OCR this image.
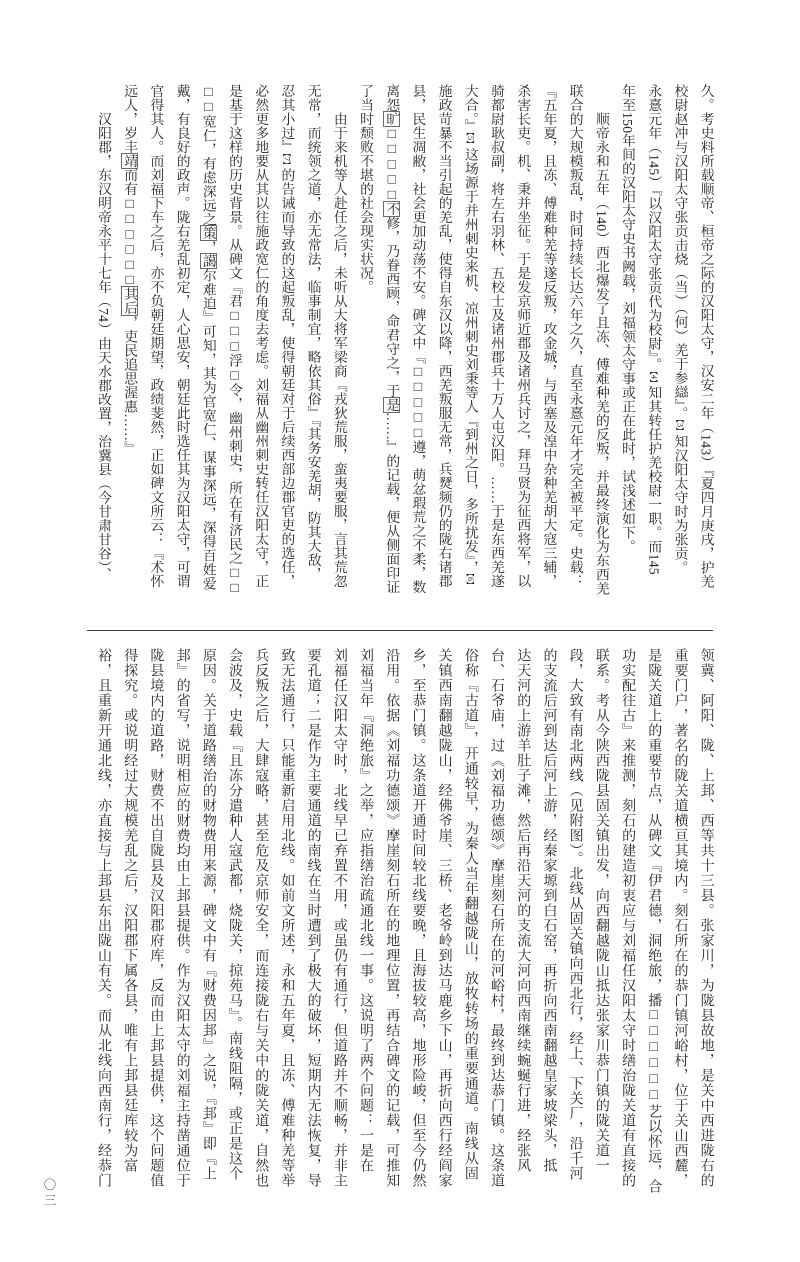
久。考史料所载顺帝、桓帝之际的汉阳太守，汉安二年（143）『夏四月庚戌，护羌
校尉赵冲与汉阳太守张贡击烧（当）（何）羌于参䜌』。【3】知汉阳太守时为张贡。
永憙元年（145）『以汉阳太守张贡代为校尉』。【4】知其转任护羌校尉一职。而145
年至150年间的汉阳太守史书阙载，刘福领太守事或正在此时，试浅述如下。
　　顺帝永和五年（140）西北爆发了且冻、傅难种羌的反叛，并最终演化为东西羌
联合的大规模叛乱，时间持续长达六年之久，直至永憙元年才完全被平定。史载：
『五年夏，且冻、傅难种羌等遂反叛，攻金城，与西塞及湟中杂种羌胡大寇三辅，
杀害长吏。机、秉并坐征。于是发京师近郡及诸州兵讨之，拜马贤为征西将军，以
骑都尉耿叔副，将左右羽林、五校士及诸州郡兵十万人屯汉阳。……于是东西羌遂
大合。』【5】这场源于并州刺史来机、凉州刺史刘秉等人『到州之日，多所扰发』，【6】
施政苛暴不当引起的羌乱，使得自东汉以降，西羌叛服无常，兵燹频仍的陇右诸郡
县，民生凋敝，社会更加动荡不安。碑文中『□□□□□遵，萌忿瑕荒之不柔，数
离怨旷□□□□□不修，乃眷西顾，命君守之，于是……』的记载，便从侧面印证
了当时颓败不堪的社会现实状况。
　　由于来机等人赴任之后，未听从大将军梁商『戎狄荒服，蛮夷要服，言其荒忽
无常，而统领之道，亦无常法，临事制宜，略依其俗』『其务安羌胡，防其大敌，
忍其小过』【7】的告诫而导致的这起叛乱，使得朝廷对于后续西部边郡官吏的选任，
必然更多地要从其以往施政宽仁的角度去考虑。刘福从幽州刺史转任汉阳太守，正
是基于这样的历史背景。从碑文『君□□□浮□令，幽州刺史，所在有济民之□□
□□宽仁，有虑深远之策，譪尔难迫』可知，其为官宽仁、谋事深远，深得百姓爱
戴，有良好的政声。陇右羌乱初定，人心思安，朝廷此时选任其为汉阳太守，可谓
官得其人。而刘福下车之后，亦不负朝廷期望，政绩斐然，正如碑文所云：『术怀
远人，岁丰靖而有□□□□□□其后，吏民追思渥惠……』
　　汉阳郡，东汉明帝永平十七年（74）由天水郡改置，治冀县（今甘肃甘谷）、
领冀、阿阳、陇、上邽、西等共十三县。张家川，为陇县故地，是关中西进陇右的
重要门户，著名的陇关道横亘其境内。刻石所在的恭门镇河峪村，位于关山西麓，
是陇关道上的重要节点，从碑文『伊君德，洞绝旅，播□□□□□□艺以怀远，合
功实配往古』来推测，刻石的建造初衷应与刘福任汉阳太守时缮治陇关道有直接的
联系。考从今陕西陇县固关镇出发，向西翻越陇山抵达张家川恭门镇的陇关道一
段，大致有南北两线（见附图）。北线从固关镇向西北行，经上、下关厂，沿千河
的支流后河到达后河上游，经秦家塬到白石窑，再折向西南翻越皇家坡梁头，抵
达天河的上游羊肚子滩，然后再沿天河的支流大河向西南继续蜿蜒行进，经张风
台、石爷庙，过《刘福功德颂》摩崖刻石所在的河峪村，最终到达恭门镇。这条道
俗称『古道』，开通较早，为秦人当年翻越陇山，放牧转场的重要通道。南线从固
关镇西南翻越陇山，经佛爷崖、三桥、老爷岭到达马鹿乡下山，再折向西行经阎家
乡，至恭门镇。这条道开通时间较北线要晚，且海拔较高，地形险峻，但至今仍然
沿用。依据《刘福功德颂》摩崖刻石所在的地理位置，再结合碑文的记载，可推知
刘福当年『洞绝旅』之举，应指缮治疏通北线一事。这说明了两个问题：一是在
刘福任汉阳太守时，北线早已弃置不用，或虽仍有通行，但道路并不顺畅，并非主
要孔道；二是作为主要通道的南线在当时遭到了极大的破坏，短期内无法恢复，导
致无法通行，只能重新启用北线。如前文所述，永和五年夏，且冻、傅难种羌等举
兵反叛之后，大肆寇略，甚至危及京师安全，而连接陇右与关中的陇关道，自然也
会波及，史载『且冻分遣种人寇武都，烧陇关，掠苑马』。南线阻隔，或正是这个
原因。关于道路缮治的财物费用来源，碑文中有『财费因邽』之说，『邽』即『上
邽』的省写，说明相应的财费均由上邽县提供。作为汉阳太守的刘福主持凿通位于
陇县境内的道路，财费不出自陇县及汉阳郡府库，反而由上邽县提供，这个问题值
得探究。或说明经过大规模羌乱之后，汉阳郡下属各县，唯有上邽县廷库较为富
裕，且重新开通北线，亦直接与上邽县东出陇山有关。而从北线向西南行，经恭门
〇三
